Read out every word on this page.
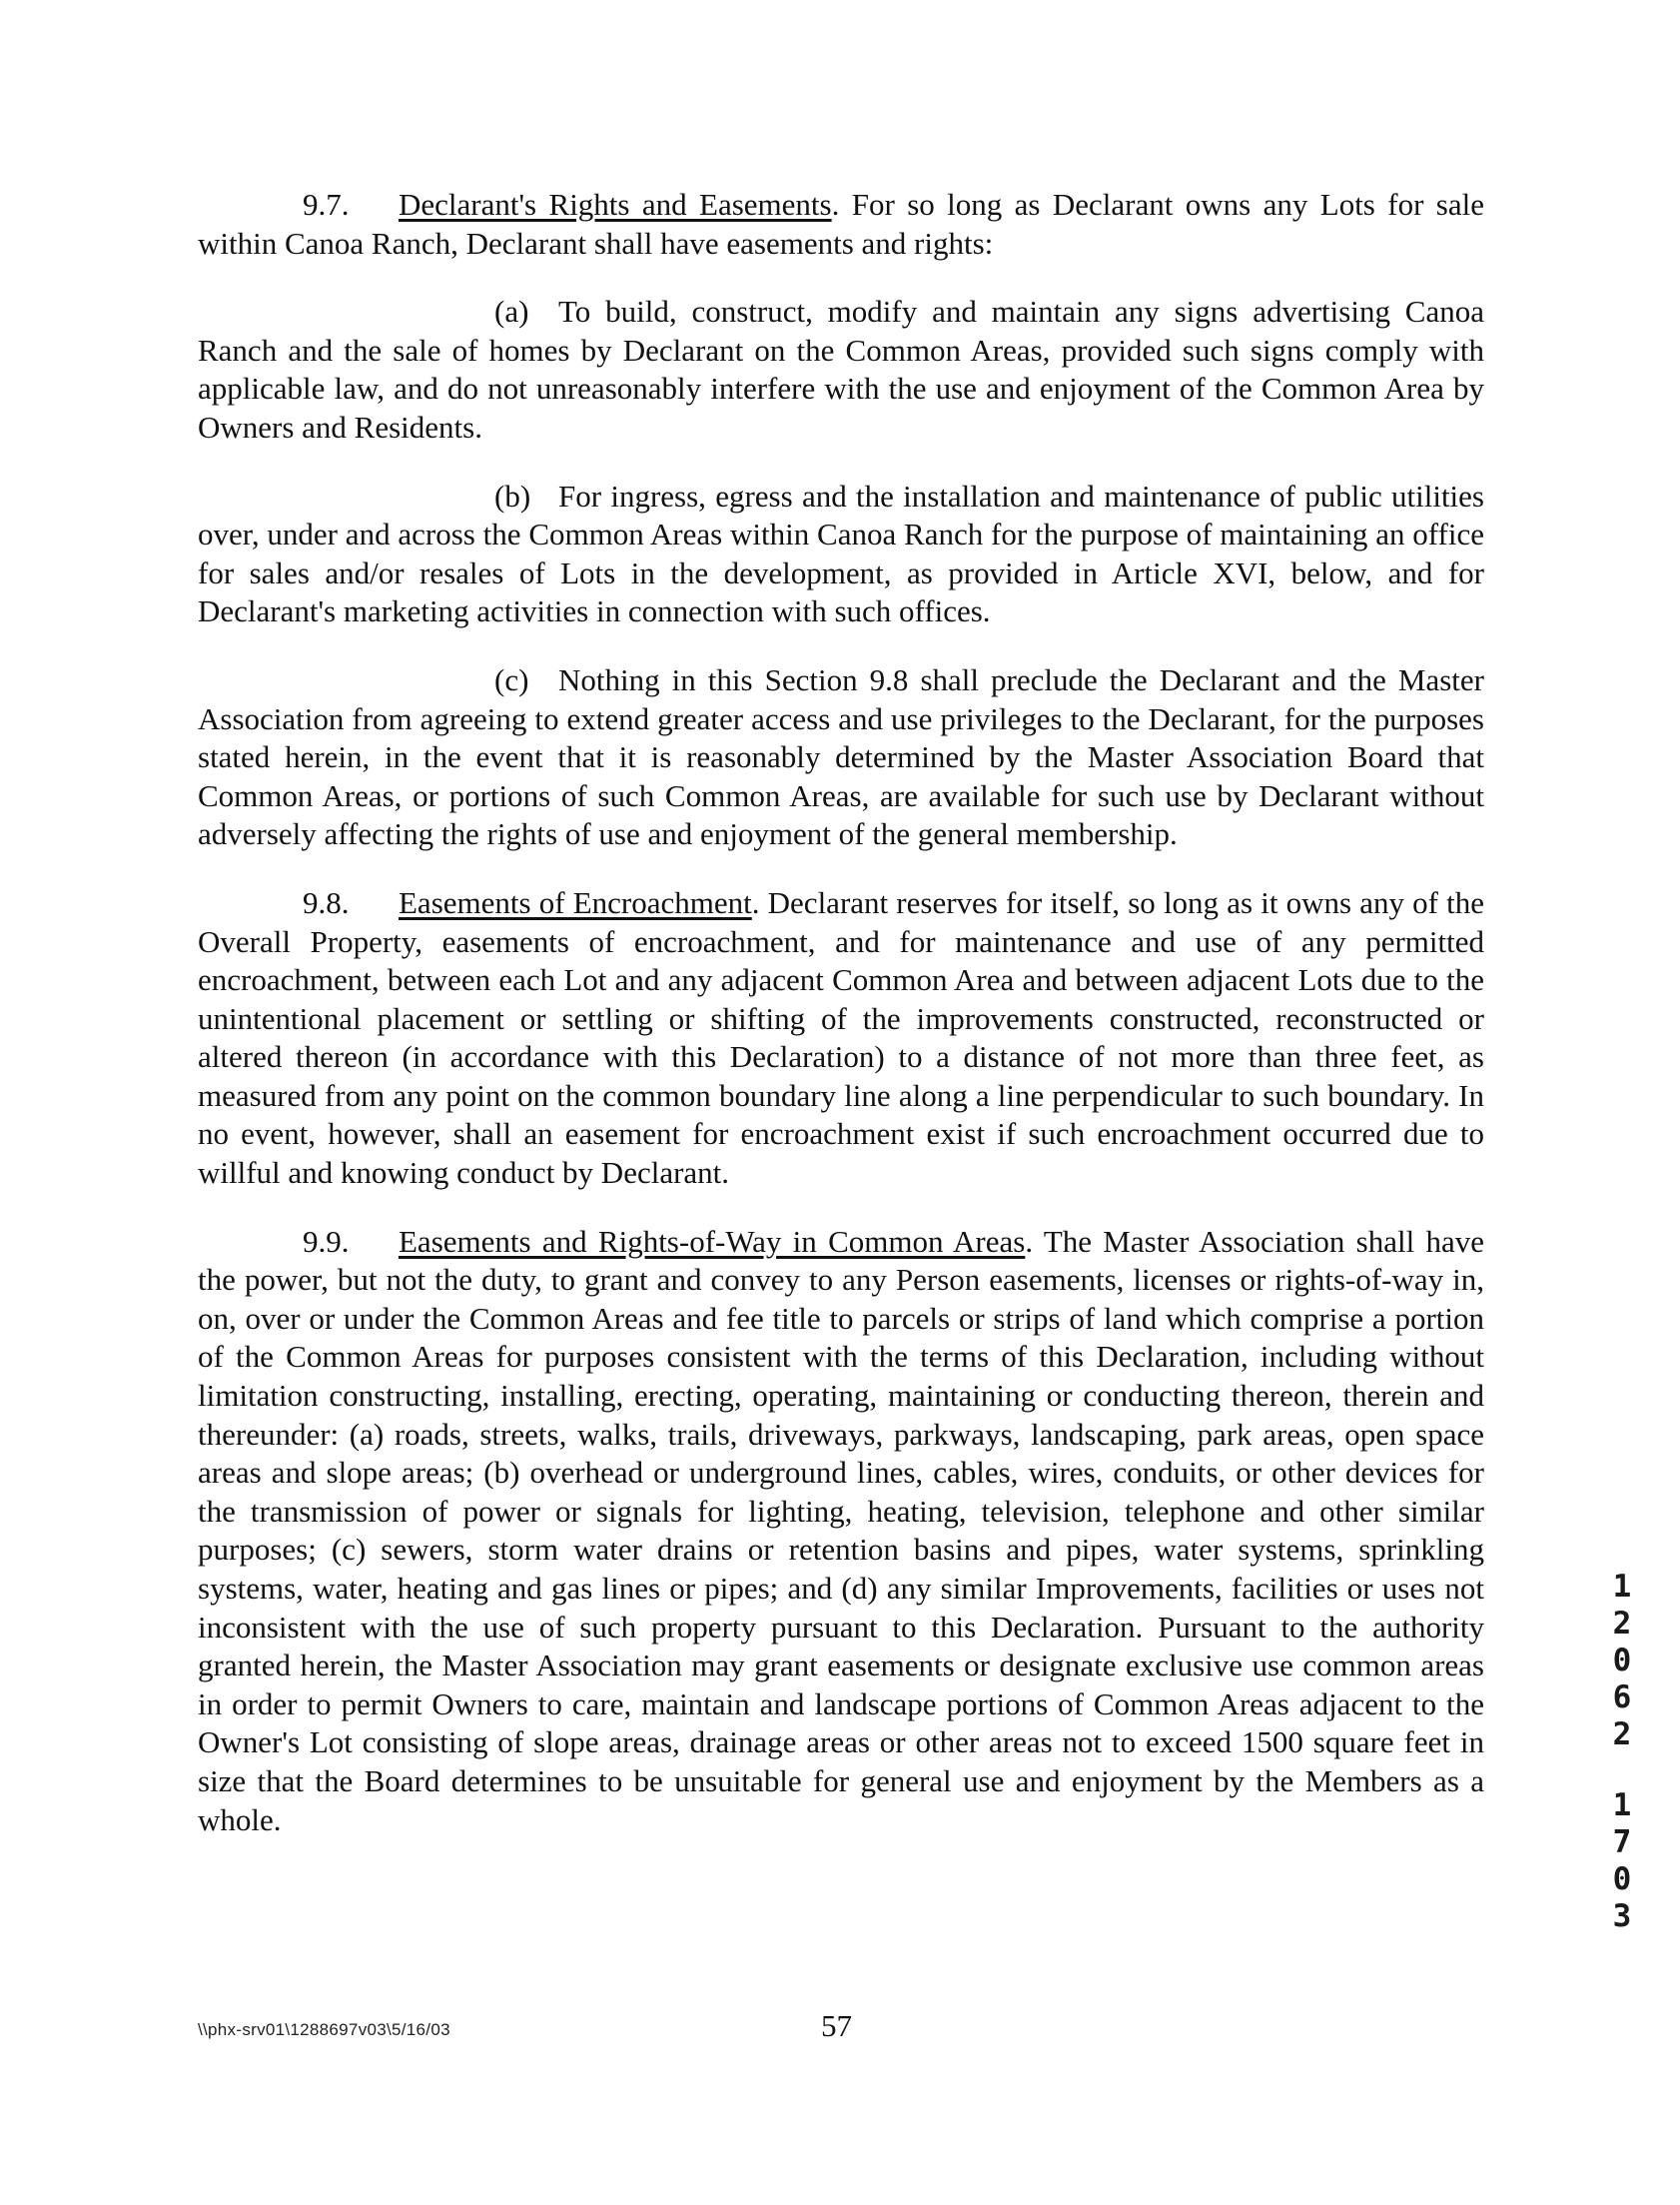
9.7. Declarant's Rights and Easements. For so long as Declarant owns any Lots for sale within Canoa Ranch, Declarant shall have easements and rights:

(a) To build, construct, modify and maintain any signs advertising Canoa Ranch and the sale of homes by Declarant on the Common Areas, provided such signs comply with applicable law, and do not unreasonably interfere with the use and enjoyment of the Common Area by Owners and Residents.

(b) For ingress, egress and the installation and maintenance of public utilities over, under and across the Common Areas within Canoa Ranch for the purpose of maintaining an office for sales and/or resales of Lots in the development, as provided in Article XVI, below, and for Declarant's marketing activities in connection with such offices.

(c) Nothing in this Section 9.8 shall preclude the Declarant and the Master Association from agreeing to extend greater access and use privileges to the Declarant, for the purposes stated herein, in the event that it is reasonably determined by the Master Association Board that Common Areas, or portions of such Common Areas, are available for such use by Declarant without adversely affecting the rights of use and enjoyment of the general membership.

9.8. Easements of Encroachment. Declarant reserves for itself, so long as it owns any of the Overall Property, easements of encroachment, and for maintenance and use of any permitted encroachment, between each Lot and any adjacent Common Area and between adjacent Lots due to the unintentional placement or settling or shifting of the improvements constructed, reconstructed or altered thereon (in accordance with this Declaration) to a distance of not more than three feet, as measured from any point on the common boundary line along a line perpendicular to such boundary. In no event, however, shall an easement for encroachment exist if such encroachment occurred due to willful and knowing conduct by Declarant.

9.9. Easements and Rights-of-Way in Common Areas. The Master Association shall have the power, but not the duty, to grant and convey to any Person easements, licenses or rights-of-way in, on, over or under the Common Areas and fee title to parcels or strips of land which comprise a portion of the Common Areas for purposes consistent with the terms of this Declaration, including without limitation constructing, installing, erecting, operating, maintaining or conducting thereon, therein and thereunder: (a) roads, streets, walks, trails, driveways, parkways, landscaping, park areas, open space areas and slope areas; (b) overhead or underground lines, cables, wires, conduits, or other devices for the transmission of power or signals for lighting, heating, television, telephone and other similar purposes; (c) sewers, storm water drains or retention basins and pipes, water systems, sprinkling systems, water, heating and gas lines or pipes; and (d) any similar Improvements, facilities or uses not inconsistent with the use of such property pursuant to this Declaration. Pursuant to the authority granted herein, the Master Association may grant easements or designate exclusive use common areas in order to permit Owners to care, maintain and landscape portions of Common Areas adjacent to the Owner's Lot consisting of slope areas, drainage areas or other areas not to exceed 1500 square feet in size that the Board determines to be unsuitable for general use and enjoyment by the Members as a whole.

1
2
0
6
2
1
7
0
3
\\phx-srv01\1288697v03\5/16/03	57
